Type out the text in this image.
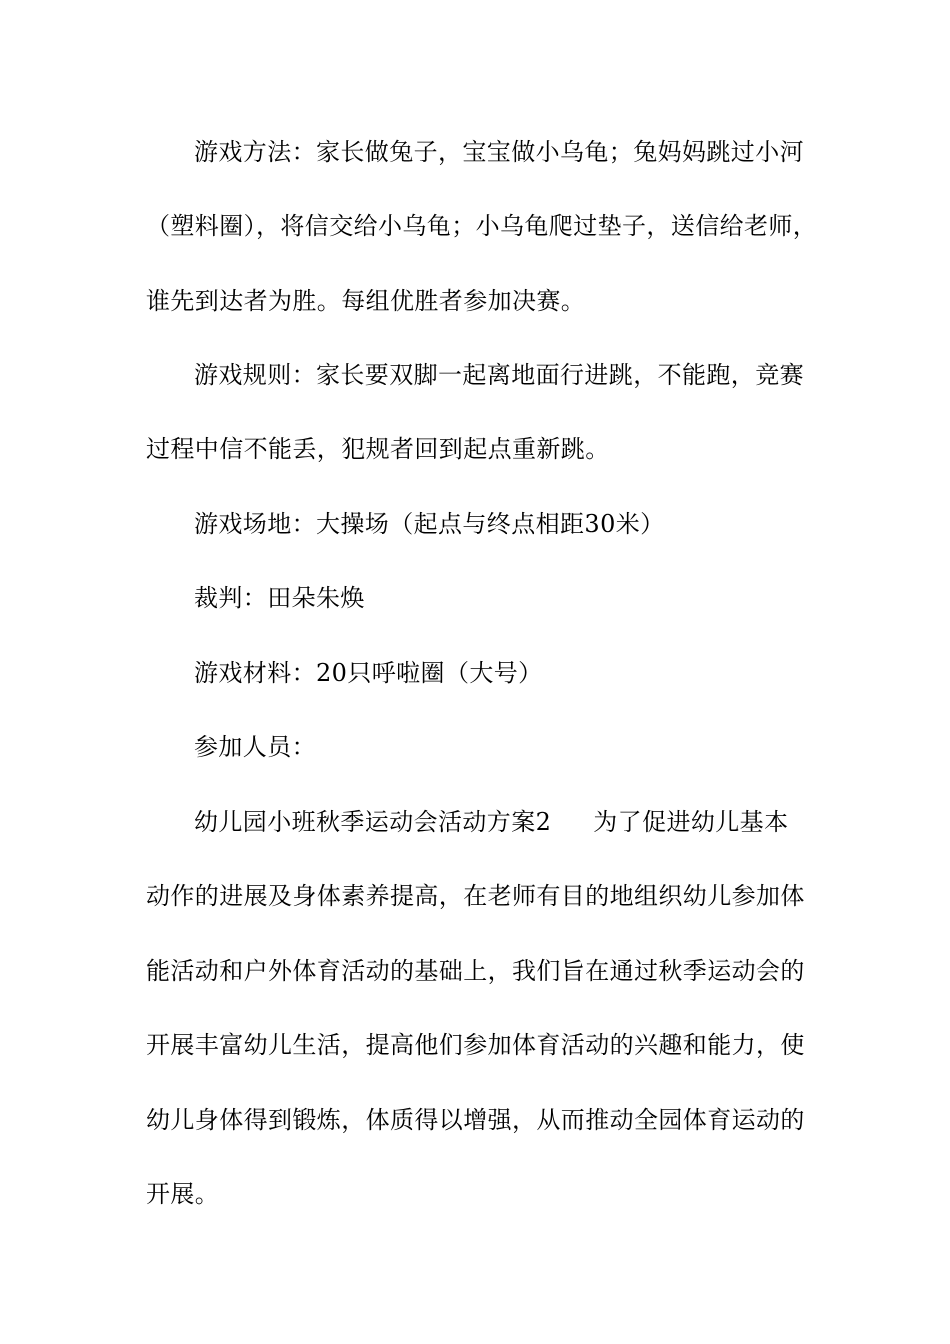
游戏方法：家长做兔子，宝宝做小乌龟；兔妈妈跳过小河
（塑料圈），将信交给小乌龟；小乌龟爬过垫子，送信给老师，
谁先到达者为胜。每组优胜者参加决赛。
游戏规则：家长要双脚一起离地面行进跳，不能跑，竞赛
过程中信不能丢，犯规者回到起点重新跳。
游戏场地：大操场（起点与终点相距30米）
裁判：田朵朱焕
游戏材料：20只呼啦圈（大号）
参加人员：
幼儿园小班秋季运动会活动方案2 为了促进幼儿基本
动作的进展及身体素养提高，在老师有目的地组织幼儿参加体
能活动和户外体育活动的基础上，我们旨在通过秋季运动会的
开展丰富幼儿生活，提高他们参加体育活动的兴趣和能力，使
幼儿身体得到锻炼，体质得以增强，从而推动全园体育运动的
开展。
